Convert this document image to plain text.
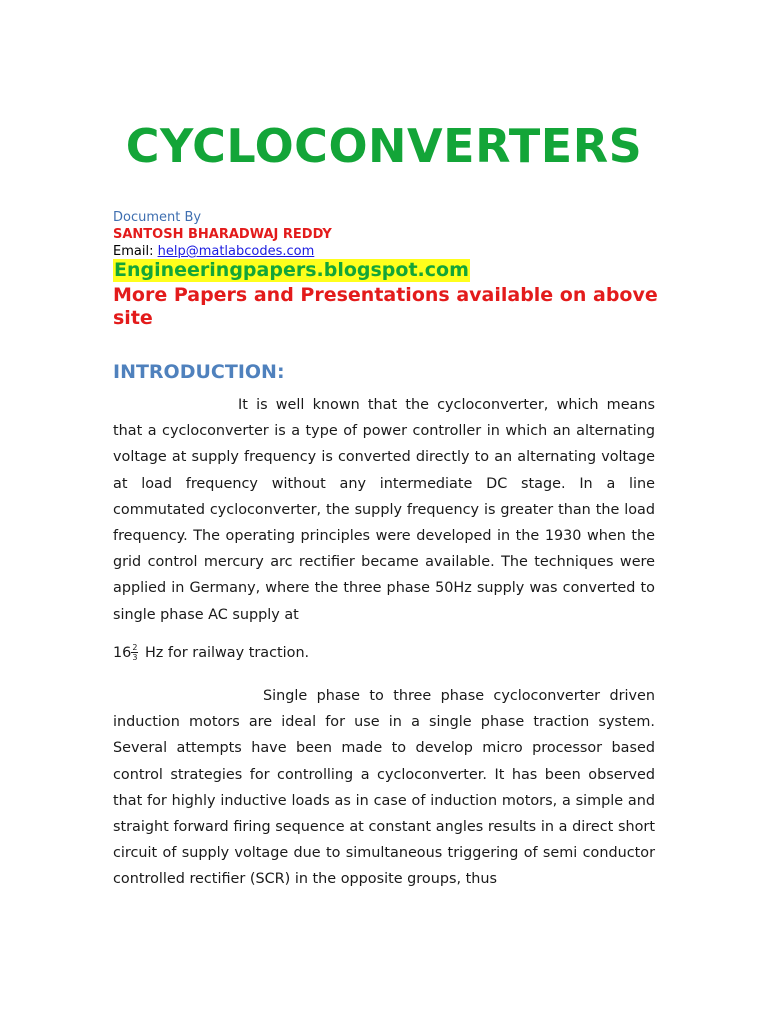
CYCLOCONVERTERS
Document By
SANTOSH BHARADWAJ REDDY
Email: help@matlabcodes.com
Engineeringpapers.blogspot.com
More Papers and Presentations available on above site
INTRODUCTION:

It is well known that the cycloconverter, which means that a cycloconverter is a type of power controller in which an alternating voltage at supply frequency is converted directly to an alternating voltage at load frequency without any intermediate DC stage. In a line commutated cycloconverter, the supply frequency is greater than the load frequency. The operating principles were developed in the 1930 when the grid control mercury arc rectifier became available. The techniques were applied in Germany, where the three phase 50Hz supply was converted to single phase AC supply at

$16 \frac{2}{3}$ Hz for railway traction.

Single phase to three phase cycloconverter driven induction motors are ideal for use in a single phase traction system. Several attempts have been made to develop micro processor based control strategies for controlling a cycloconverter. It has been observed that for highly inductive loads as in case of induction motors, a simple and straight forward firing sequence at constant angles results in a direct short circuit of supply voltage due to simultaneous triggering of semi conductor controlled rectifier (SCR) in the opposite groups, thus
